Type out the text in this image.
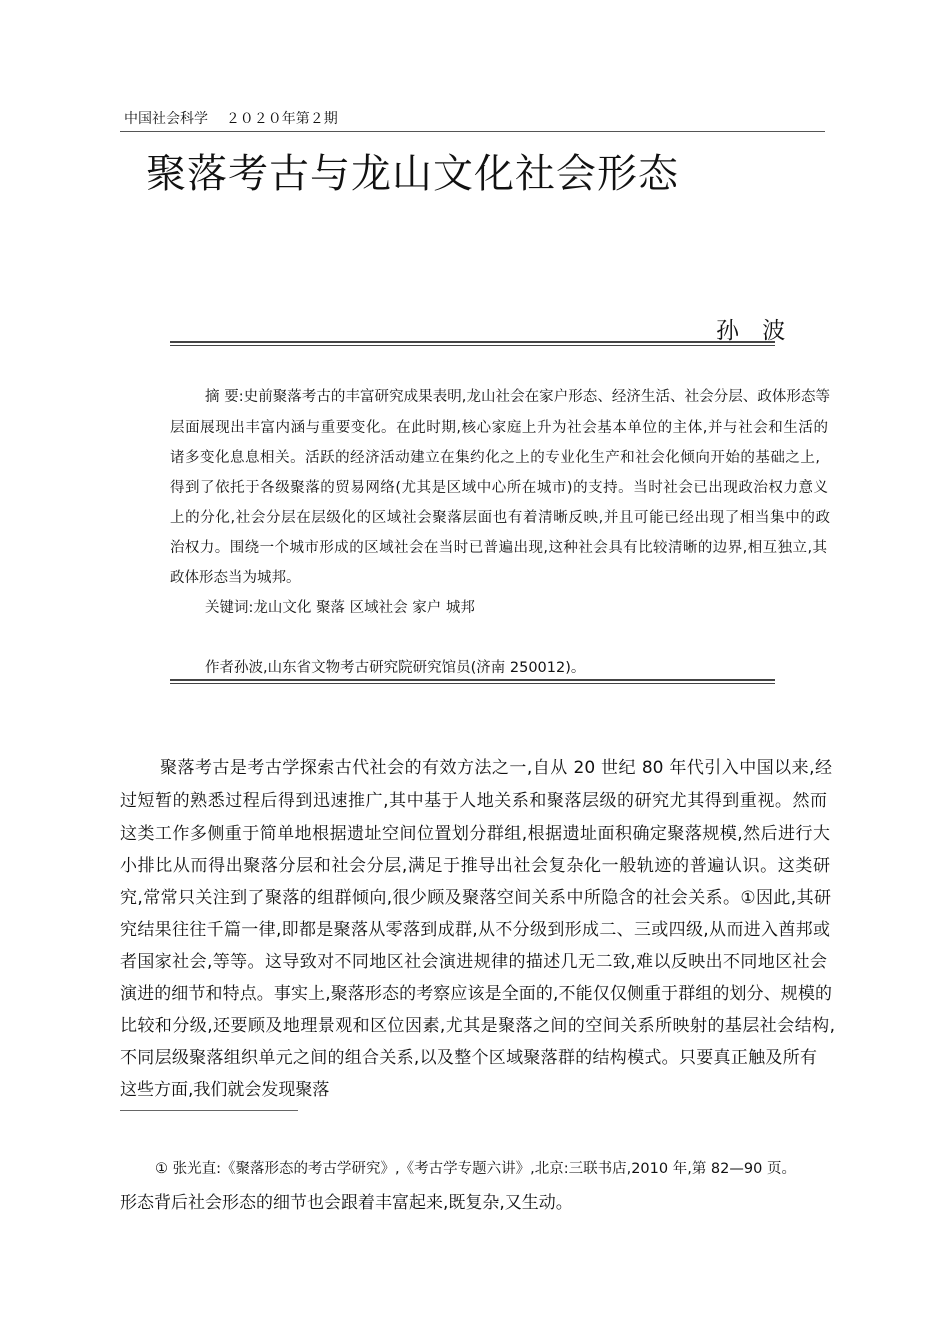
中国社会科学 ２０２０年第２期
聚落考古与龙山文化社会形态
孙 波
摘 要:史前聚落考古的丰富研究成果表明,龙山社会在家户形态、经济生活、社会分层、政体形态等
层面展现出丰富内涵与重要变化。在此时期,核心家庭上升为社会基本单位的主体,并与社会和生活的
诸多变化息息相关。活跃的经济活动建立在集约化之上的专业化生产和社会化倾向开始的基础之上,
得到了依托于各级聚落的贸易网络(尤其是区域中心所在城市)的支持。当时社会已出现政治权力意义
上的分化,社会分层在层级化的区域社会聚落层面也有着清晰反映,并且可能已经出现了相当集中的政
治权力。围绕一个城市形成的区域社会在当时已普遍出现,这种社会具有比较清晰的边界,相互独立,其
政体形态当为城邦。
关键词:龙山文化 聚落 区域社会 家户 城邦
作者孙波,山东省文物考古研究院研究馆员(济南 250012)。
聚落考古是考古学探索古代社会的有效方法之一,自从 20 世纪 80 年代引入中国以来,经
过短暂的熟悉过程后得到迅速推广,其中基于人地关系和聚落层级的研究尤其得到重视。然而
这类工作多侧重于简单地根据遗址空间位置划分群组,根据遗址面积确定聚落规模,然后进行大
小排比从而得出聚落分层和社会分层,满足于推导出社会复杂化一般轨迹的普遍认识。这类研
究,常常只关注到了聚落的组群倾向,很少顾及聚落空间关系中所隐含的社会关系。①因此,其研
究结果往往千篇一律,即都是聚落从零落到成群,从不分级到形成二、三或四级,从而进入酋邦或
者国家社会,等等。这导致对不同地区社会演进规律的描述几无二致,难以反映出不同地区社会
演进的细节和特点。事实上,聚落形态的考察应该是全面的,不能仅仅侧重于群组的划分、规模的
比较和分级,还要顾及地理景观和区位因素,尤其是聚落之间的空间关系所映射的基层社会结构,
不同层级聚落组织单元之间的组合关系,以及整个区域聚落群的结构模式。只要真正触及所有
这些方面,我们就会发现聚落
① 张光直:《聚落形态的考古学研究》,《考古学专题六讲》,北京:三联书店,2010 年,第 82—90 页。
形态背后社会形态的细节也会跟着丰富起来,既复杂,又生动。
